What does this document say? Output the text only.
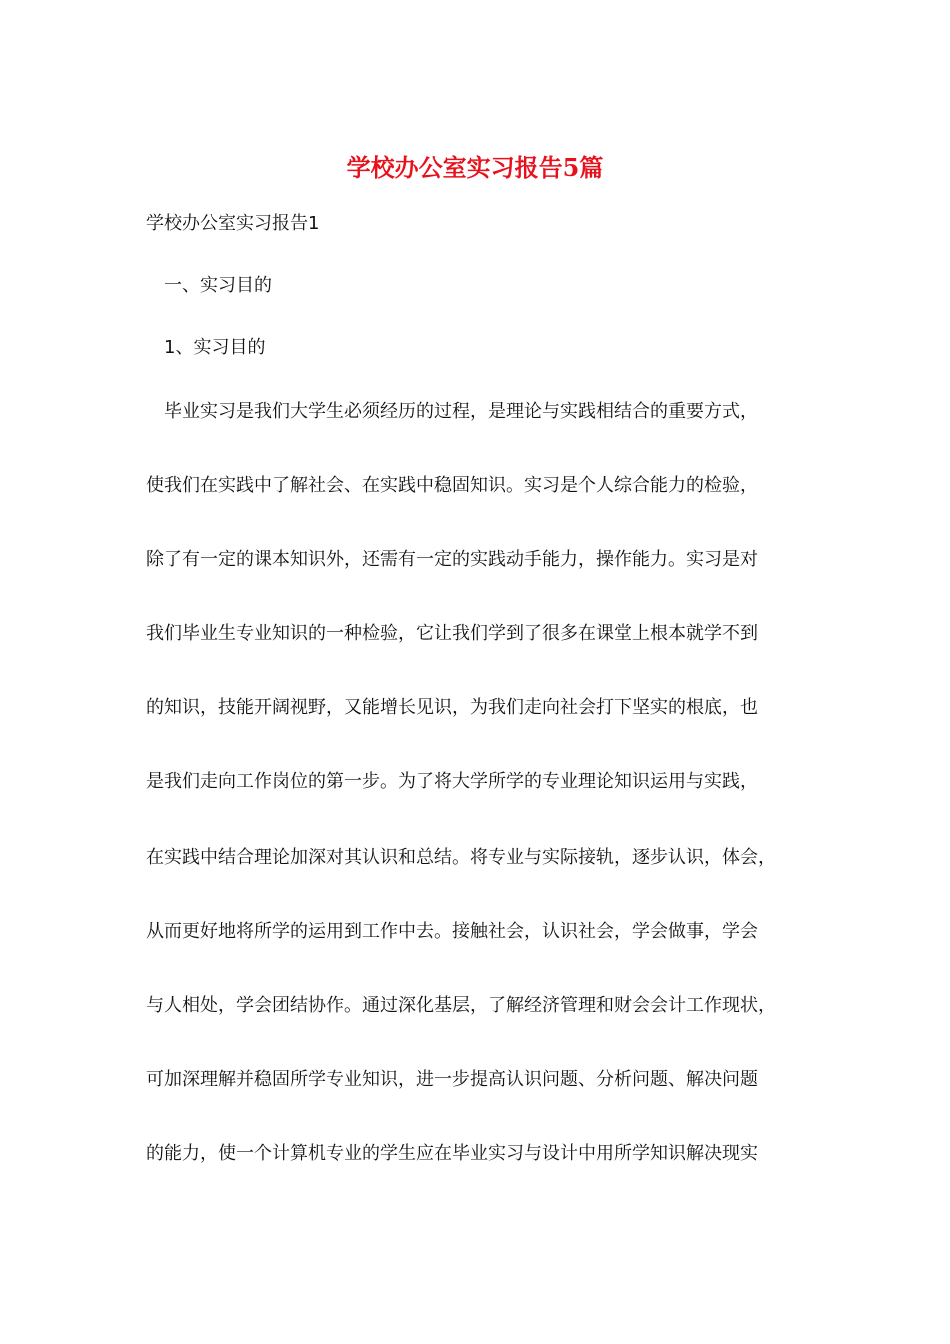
学校办公室实习报告5篇

学校办公室实习报告1

一、实习目的

1、实习目的

毕业实习是我们大学生必须经历的过程，是理论与实践相结合的重要方式，

使我们在实践中了解社会、在实践中稳固知识。实习是个人综合能力的检验，

除了有一定的课本知识外，还需有一定的实践动手能力，操作能力。实习是对

我们毕业生专业知识的一种检验，它让我们学到了很多在课堂上根本就学不到

的知识，技能开阔视野，又能增长见识，为我们走向社会打下坚实的根底，也

是我们走向工作岗位的第一步。为了将大学所学的专业理论知识运用与实践，

在实践中结合理论加深对其认识和总结。将专业与实际接轨，逐步认识，体会，

从而更好地将所学的运用到工作中去。接触社会，认识社会，学会做事，学会

与人相处，学会团结协作。通过深化基层，了解经济管理和财会会计工作现状，

可加深理解并稳固所学专业知识，进一步提高认识问题、分析问题、解决问题

的能力，使一个计算机专业的学生应在毕业实习与设计中用所学知识解决现实
